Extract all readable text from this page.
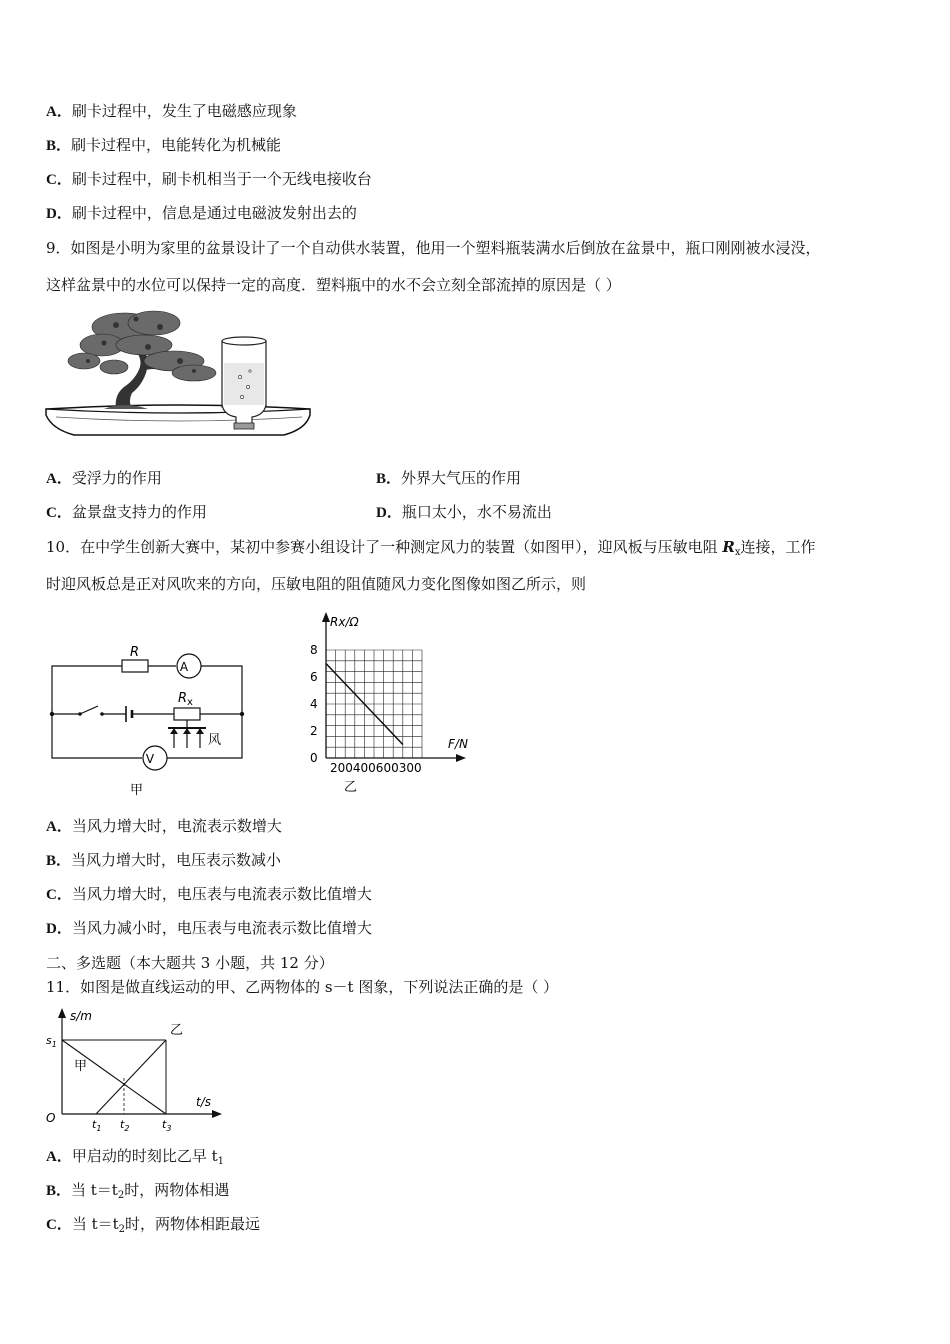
A．刷卡过程中，发生了电磁感应现象
B．刷卡过程中，电能转化为机械能
C．刷卡过程中，刷卡机相当于一个无线电接收台
D．刷卡过程中，信息是通过电磁波发射出去的
9．如图是小明为家里的盆景设计了一个自动供水装置，他用一个塑料瓶装满水后倒放在盆景中，瓶口刚刚被水浸没，
这样盆景中的水位可以保持一定的高度．塑料瓶中的水不会立刻全部流掉的原因是（ ）
A．受浮力的作用	B．外界大气压的作用
C．盆景盘支持力的作用	D．瓶口太小，水不易流出
10．在中学生创新大赛中，某初中参赛小组设计了一种测定风力的装置（如图甲），迎风板与压敏电阻 $R_x$连接，工作
时迎风板总是正对风吹来的方向，压敏电阻的阻值随风力变化图像如图乙所示，则
R
A
$R_x$
V
风
甲
8
6
4
2
0
Rx/Ω
F/N
200400600300
乙
A．当风力增大时，电流表示数增大
B．当风力增大时，电压表示数减小
C．当风力增大时，电压表与电流表示数比值增大
D．当风力减小时，电压表与电流表示数比值增大
二、多选题（本大题共 3 小题，共 12 分）
11．如图是做直线运动的甲、乙两物体的 s－t 图象，下列说法正确的是（ ）
s/m
t/s
$s_1$
O	$t_1$ $t_2$	$t_3$
甲
乙
A．甲启动的时刻比乙早 $t_1$
B．当 $t=t_2$时，两物体相遇
C．当 $t=t_2$时，两物体相距最远
